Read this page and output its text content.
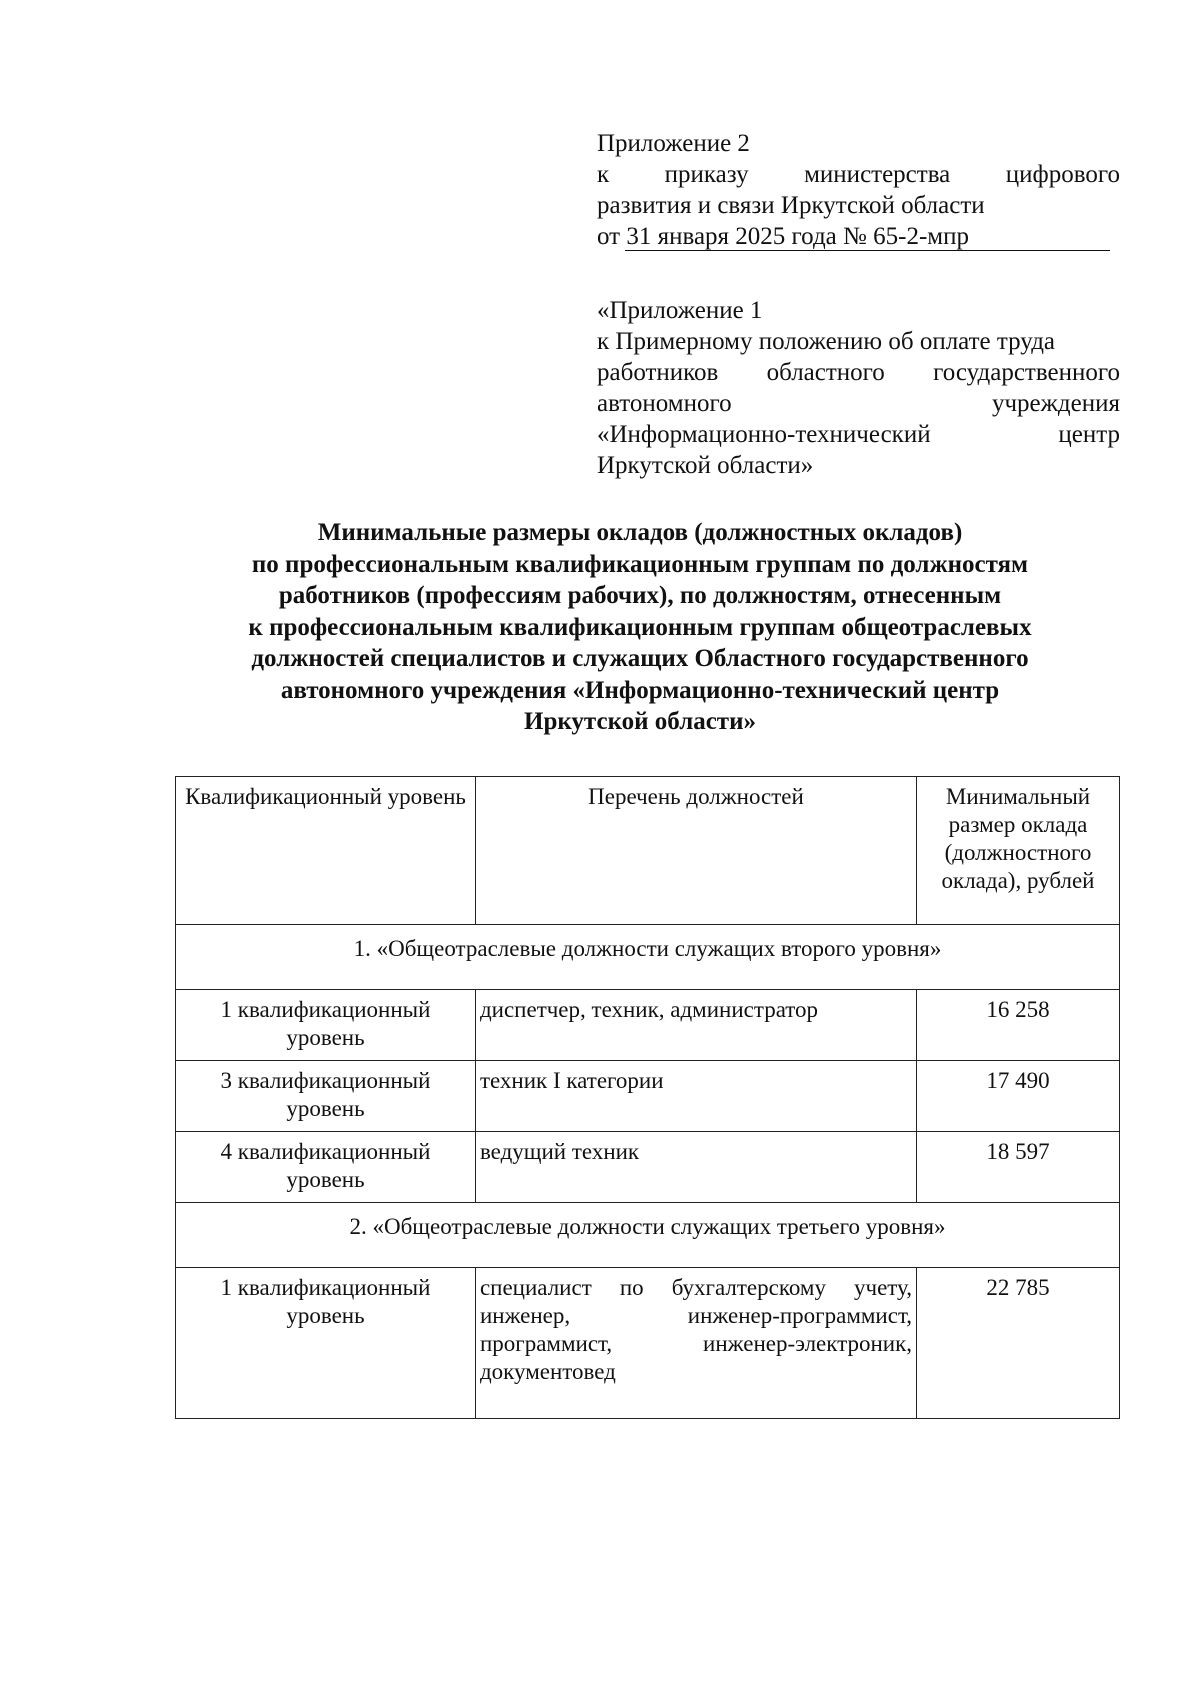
Приложение 2
к приказу министерства цифрового
развития и связи Иркутской области
от 31 января 2025 года № 65-2-мпр
«Приложение 1
к Примерному положению об оплате труда
работников областного государственного
автономного учреждения
«Информационно-технический центр
Иркутской области»
Минимальные размеры окладов (должностных окладов)
по профессиональным квалификационным группам по должностям
работников (профессиям рабочих), по должностям, отнесенным
к профессиональным квалификационным группам общеотраслевых
должностей специалистов и служащих Областного государственного
автономного учреждения «Информационно-технический центр
Иркутской области»
Квалификационный уровень	Перечень должностей	Минимальный размер оклада (должностного оклада), рублей
1. «Общеотраслевые должности служащих второго уровня»		
1 квалификационный уровень	диспетчер, техник, администратор	16 258
3 квалификационный уровень	техник I категории	17 490
4 квалификационный уровень	ведущий техник	18 597
2. «Общеотраслевые должности служащих третьего уровня»		
1 квалификационный уровень	специалист по бухгалтерскому учету, инженер, инженер-программист, программист, инженер-электроник, документовед	22 785
